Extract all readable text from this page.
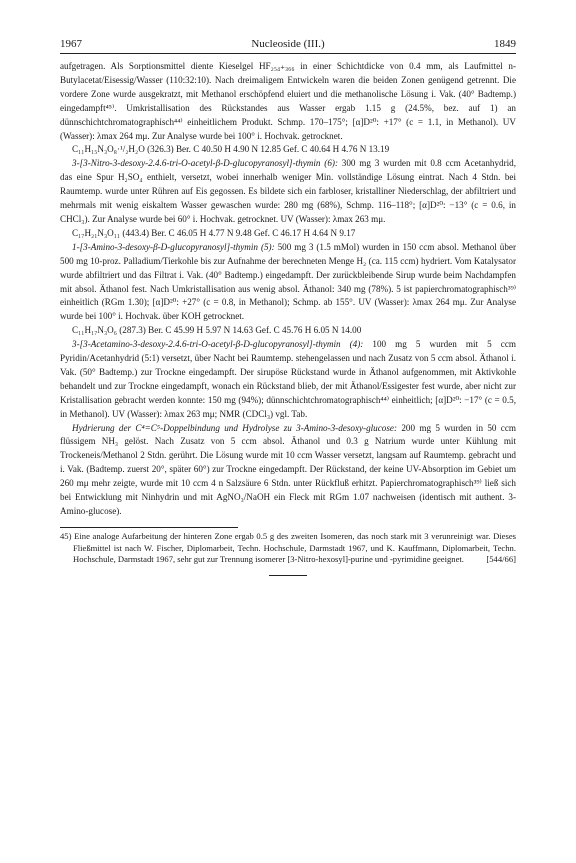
1967	Nucleoside (III.)	1849

aufgetragen. Als Sorptionsmittel diente Kieselgel HF₂₅₄₊₃₆₆ in einer Schichtdicke von 0.4 mm, als Laufmittel n-Butylacetat/Eisessig/Wasser (110:32:10). Nach dreimaligem Entwickeln waren die beiden Zonen genügend getrennt. Die vordere Zone wurde ausgekratzt, mit Methanol erschöpfend eluiert und die methanolische Lösung i. Vak. (40° Badtemp.) eingedampft⁴⁵⁾. Umkristallisation des Rückstandes aus Wasser ergab 1.15 g (24.5%, bez. auf 1) an dünnschichtchromatographisch⁴⁴⁾ einheitlichem Produkt. Schmp. 170–175°; [α]D²⁰: +17° (c = 1.1, in Methanol). UV (Wasser): λmax 264 mμ. Zur Analyse wurde bei 100° i. Hochvak. getrocknet.

C₁₁H₁₅N₃O₈·¹/₂H₂O (326.3) Ber. C 40.50 H 4.90 N 12.85 Gef. C 40.64 H 4.76 N 13.19

3-[3-Nitro-3-desoxy-2.4.6-tri-O-acetyl-β-D-glucopyranosyl]-thymin (6): 300 mg 3 wurden mit 0.8 ccm Acetanhydrid, das eine Spur H₂SO₄ enthielt, versetzt, wobei innerhalb weniger Min. vollständige Lösung eintrat. Nach 4 Stdn. bei Raumtemp. wurde unter Rühren auf Eis gegossen. Es bildete sich ein farbloser, kristalliner Niederschlag, der abfiltriert und mehrmals mit wenig eiskaltem Wasser gewaschen wurde: 280 mg (68%), Schmp. 116–118°; [α]D²⁰: −13° (c = 0.6, in CHCl₃). Zur Analyse wurde bei 60° i. Hochvak. getrocknet. UV (Wasser): λmax 263 mμ.

C₁₇H₂₁N₃O₁₁ (443.4) Ber. C 46.05 H 4.77 N 9.48 Gef. C 46.17 H 4.64 N 9.17

1-[3-Amino-3-desoxy-β-D-glucopyranosyl]-thymin (5): 500 mg 3 (1.5 mMol) wurden in 150 ccm absol. Methanol über 500 mg 10-proz. Palladium/Tierkohle bis zur Aufnahme der berechneten Menge H₂ (ca. 115 ccm) hydriert. Vom Katalysator wurde abfiltriert und das Filtrat i. Vak. (40° Badtemp.) eingedampft. Der zurückbleibende Sirup wurde beim Nachdampfen mit absol. Äthanol fest. Nach Umkristallisation aus wenig absol. Äthanol: 340 mg (78%). 5 ist papierchromatographisch³⁹⁾ einheitlich (RGm 1.30); [α]D²⁰: +27° (c = 0.8, in Methanol); Schmp. ab 155°. UV (Wasser): λmax 264 mμ. Zur Analyse wurde bei 100° i. Hochvak. über KOH getrocknet.

C₁₁H₁₇N₃O₆ (287.3) Ber. C 45.99 H 5.97 N 14.63 Gef. C 45.76 H 6.05 N 14.00

3-[3-Acetamino-3-desoxy-2.4.6-tri-O-acetyl-β-D-glucopyranosyl]-thymin (4): 100 mg 5 wurden mit 5 ccm Pyridin/Acetanhydrid (5:1) versetzt, über Nacht bei Raumtemp. stehengelassen und nach Zusatz von 5 ccm absol. Äthanol i. Vak. (50° Badtemp.) zur Trockne eingedampft. Der sirupöse Rückstand wurde in Äthanol aufgenommen, mit Aktivkohle behandelt und zur Trockne eingedampft, wonach ein Rückstand blieb, der mit Äthanol/Essigester fest wurde, aber nicht zur Kristallisation gebracht werden konnte: 150 mg (94%); dünnschichtchromatographisch⁴⁴⁾ einheitlich; [α]D²⁰: −17° (c = 0.5, in Methanol). UV (Wasser): λmax 263 mμ; NMR (CDCl₃) vgl. Tab.

Hydrierung der C⁴=C⁵-Doppelbindung und Hydrolyse zu 3-Amino-3-desoxy-glucose: 200 mg 5 wurden in 50 ccm flüssigem NH₃ gelöst. Nach Zusatz von 5 ccm absol. Äthanol und 0.3 g Natrium wurde unter Kühlung mit Trockeneis/Methanol 2 Stdn. gerührt. Die Lösung wurde mit 10 ccm Wasser versetzt, langsam auf Raumtemp. gebracht und i. Vak. (Badtemp. zuerst 20°, später 60°) zur Trockne eingedampft. Der Rückstand, der keine UV-Absorption im Gebiet um 260 mμ mehr zeigte, wurde mit 10 ccm 4 n Salzsäure 6 Stdn. unter Rückfluß erhitzt. Papierchromatographisch³⁹⁾ ließ sich bei Entwicklung mit Ninhydrin und mit AgNO₃/NaOH ein Fleck mit RGm 1.07 nachweisen (identisch mit authent. 3-Amino-glucose).

45) Eine analoge Aufarbeitung der hinteren Zone ergab 0.5 g des zweiten Isomeren, das noch stark mit 3 verunreinigt war. Dieses Fließmittel ist nach W. Fischer, Diplomarbeit, Techn. Hochschule, Darmstadt 1967, und K. Kauffmann, Diplomarbeit, Techn. Hochschule, Darmstadt 1967, sehr gut zur Trennung isomerer [3-Nitro-hexosyl]-purine und -pyrimidine geeignet.	[544/66]
